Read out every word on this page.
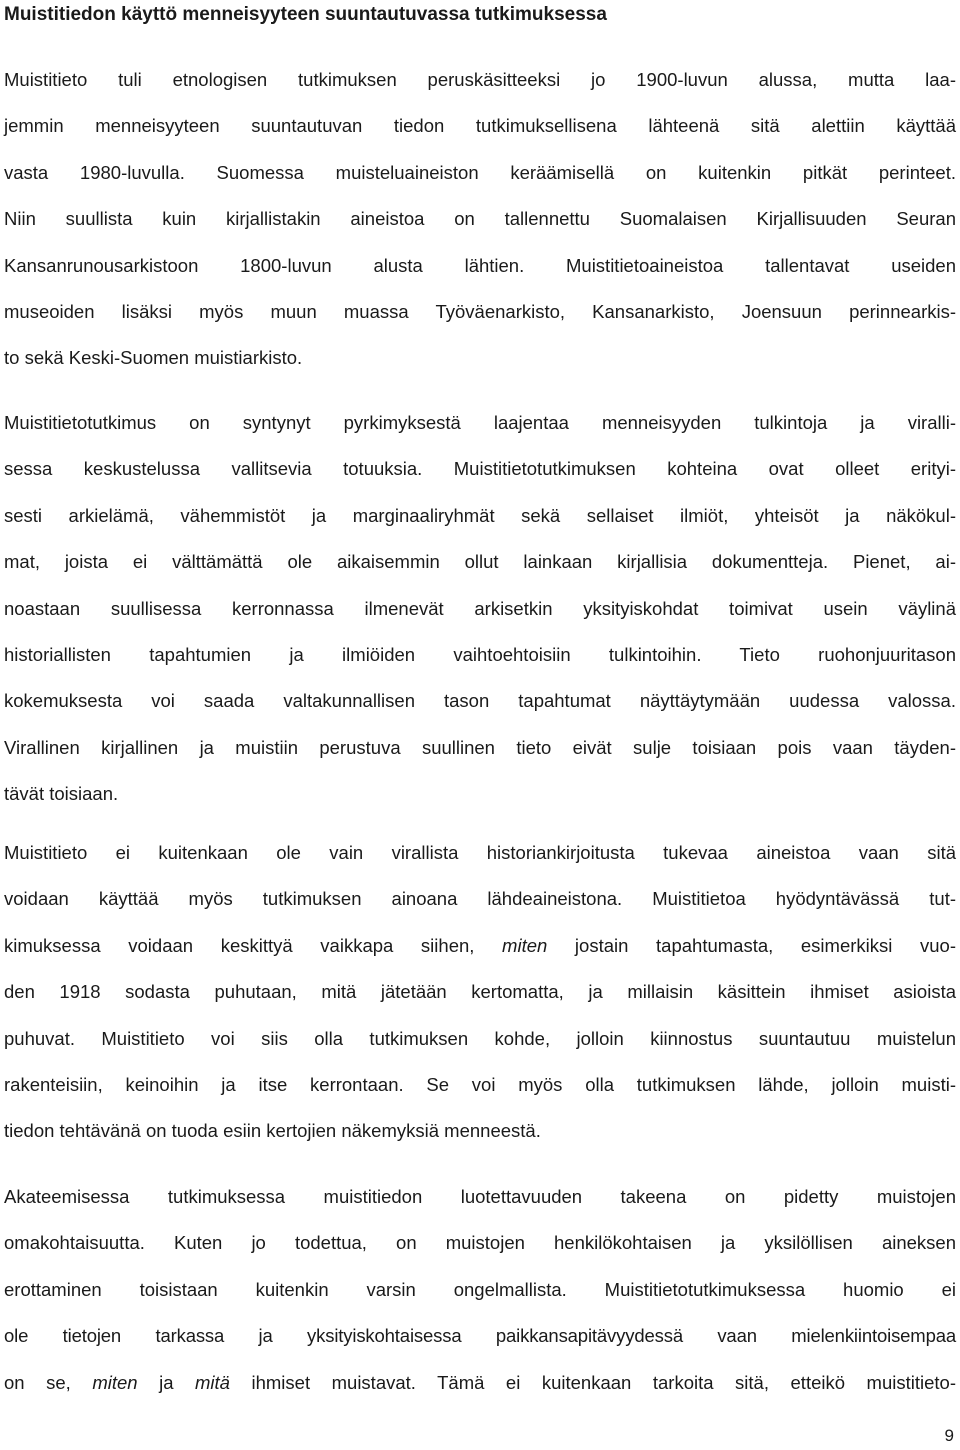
Muistitiedon käyttö menneisyyteen suuntautuvassa tutkimuksessa

Muistitieto tuli etnologisen tutkimuksen peruskäsitteeksi jo 1900-luvun alussa, mutta laa-
jemmin menneisyyteen suuntautuvan tiedon tutkimuksellisena lähteenä sitä alettiin käyttää
vasta 1980-luvulla. Suomessa muisteluaineiston keräämisellä on kuitenkin pitkät perinteet.
Niin suullista kuin kirjallistakin aineistoa on tallennettu Suomalaisen Kirjallisuuden Seuran
Kansanrunousarkistoon 1800-luvun alusta lähtien. Muistitietoaineistoa tallentavat useiden
museoiden lisäksi myös muun muassa Työväenarkisto, Kansanarkisto, Joensuun perinnearkis-
to sekä Keski-Suomen muistiarkisto.

Muistitietotutkimus on syntynyt pyrkimyksestä laajentaa menneisyyden tulkintoja ja viralli-
sessa keskustelussa vallitsevia totuuksia. Muistitietotutkimuksen kohteina ovat olleet erityi-
sesti arkielämä, vähemmistöt ja marginaaliryhmät sekä sellaiset ilmiöt, yhteisöt ja näkökul-
mat, joista ei välttämättä ole aikaisemmin ollut lainkaan kirjallisia dokumentteja. Pienet, ai-
noastaan suullisessa kerronnassa ilmenevät arkisetkin yksityiskohdat toimivat usein väylinä
historiallisten tapahtumien ja ilmiöiden vaihtoehtoisiin tulkintoihin. Tieto ruohonjuuritason
kokemuksesta voi saada valtakunnallisen tason tapahtumat näyttäytymään uudessa valossa.
Virallinen kirjallinen ja muistiin perustuva suullinen tieto eivät sulje toisiaan pois vaan täyden-
tävät toisiaan.

Muistitieto ei kuitenkaan ole vain virallista historiankirjoitusta tukevaa aineistoa vaan sitä
voidaan käyttää myös tutkimuksen ainoana lähdeaineistona. Muistitietoa hyödyntävässä tut-
kimuksessa voidaan keskittyä vaikkapa siihen, miten jostain tapahtumasta, esimerkiksi vuo-
den 1918 sodasta puhutaan, mitä jätetään kertomatta, ja millaisin käsittein ihmiset asioista
puhuvat. Muistitieto voi siis olla tutkimuksen kohde, jolloin kiinnostus suuntautuu muistelun
rakenteisiin, keinoihin ja itse kerrontaan. Se voi myös olla tutkimuksen lähde, jolloin muisti-
tiedon tehtävänä on tuoda esiin kertojien näkemyksiä menneestä.

Akateemisessa tutkimuksessa muistitiedon luotettavuuden takeena on pidetty muistojen
omakohtaisuutta. Kuten jo todettua, on muistojen henkilökohtaisen ja yksilöllisen aineksen
erottaminen toisistaan kuitenkin varsin ongelmallista. Muistitietotutkimuksessa huomio ei
ole tietojen tarkassa ja yksityiskohtaisessa paikkansapitävyydessä vaan mielenkiintoisempaa
on se, miten ja mitä ihmiset muistavat. Tämä ei kuitenkaan tarkoita sitä, etteikö muistitieto-

9
